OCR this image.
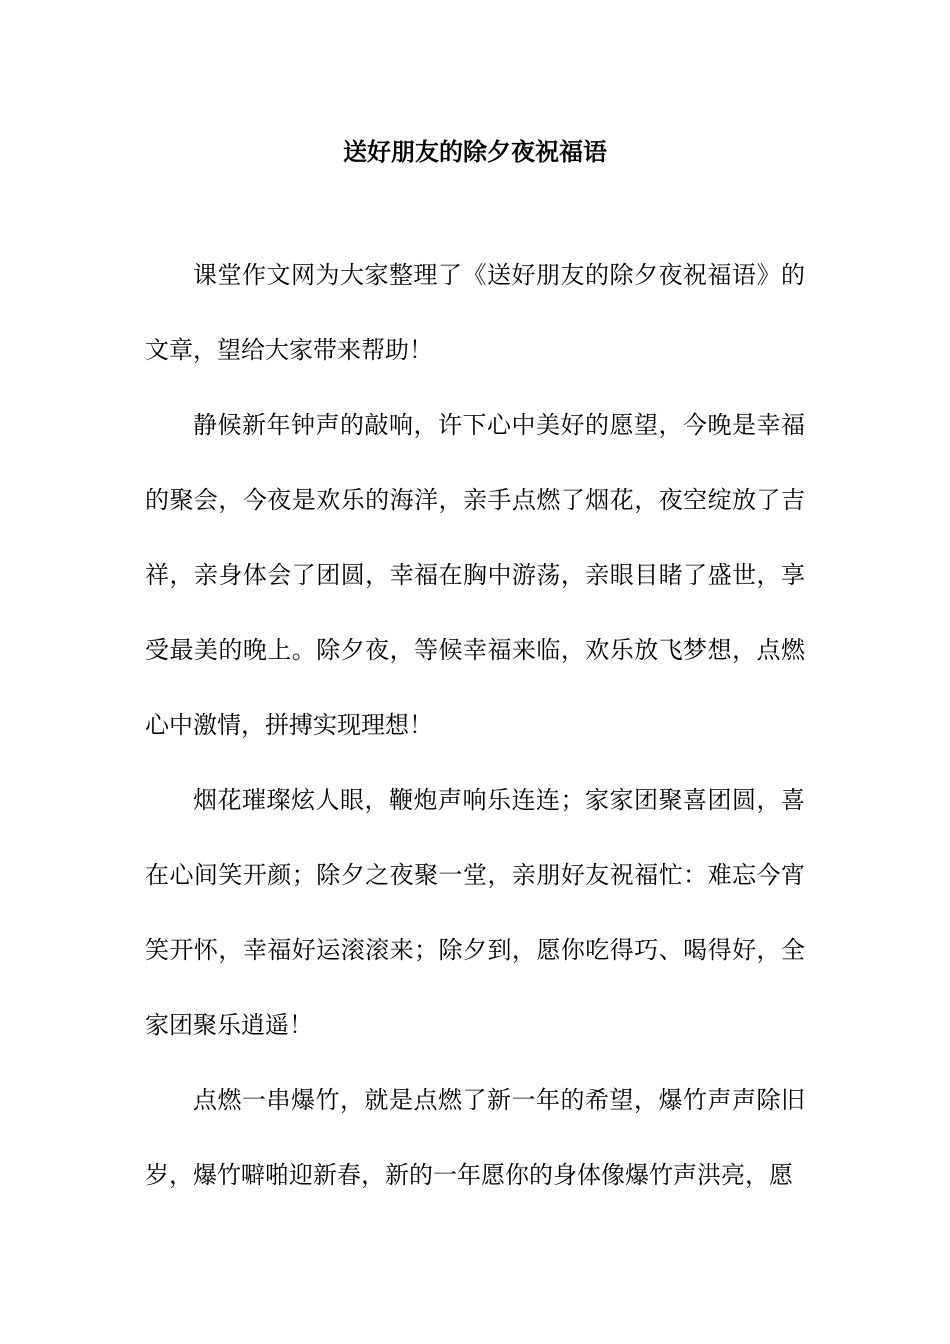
送好朋友的除夕夜祝福语

课堂作文网为大家整理了《送好朋友的除夕夜祝福语》的文章，望给大家带来帮助！

静候新年钟声的敲响，许下心中美好的愿望，今晚是幸福的聚会，今夜是欢乐的海洋，亲手点燃了烟花，夜空绽放了吉祥，亲身体会了团圆，幸福在胸中游荡，亲眼目睹了盛世，享受最美的晚上。除夕夜，等候幸福来临，欢乐放飞梦想，点燃心中激情，拼搏实现理想！

烟花璀璨炫人眼，鞭炮声响乐连连；家家团聚喜团圆，喜在心间笑开颜；除夕之夜聚一堂，亲朋好友祝福忙：难忘今宵笑开怀，幸福好运滚滚来；除夕到，愿你吃得巧、喝得好，全家团聚乐逍遥！

点燃一串爆竹，就是点燃了新一年的希望，爆竹声声除旧岁，爆竹噼啪迎新春，新的一年愿你的身体像爆竹声洪亮，愿
